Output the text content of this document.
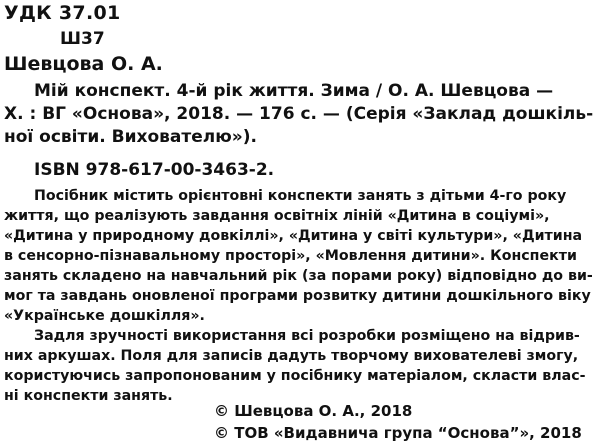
УДК 37.01
Ш37
Шевцова О. А.
Мій конспект. 4-й рік життя. Зима / О. А. Шевцова —
Х. : ВГ «Основа», 2018. — 176 с. — (Серія «Заклад дошкіль-
ної освіти. Вихователю»).
ISBN 978-617-00-3463-2.
Посібник містить орієнтовні конспекти занять з дітьми 4-го року
життя, що реалізують завдання освітніх ліній «Дитина в соціумі»,
«Дитина у природному довкіллі», «Дитина у світі культури», «Дитина
в сенсорно-пізнавальному просторі», «Мовлення дитини». Конспекти
занять складено на навчальний рік (за порами року) відповідно до ви-
мог та завдань оновленої програми розвитку дитини дошкільного віку
«Українське дошкілля».
Задля зручності використання всі розробки розміщено на відрив-
них аркушах. Поля для записів дадуть творчому вихователеві змогу,
користуючись запропонованим у посібнику матеріалом, скласти влас-
ні конспекти занять.
© Шевцова О. А., 2018
© ТОВ «Видавнича група “Основа”», 2018
